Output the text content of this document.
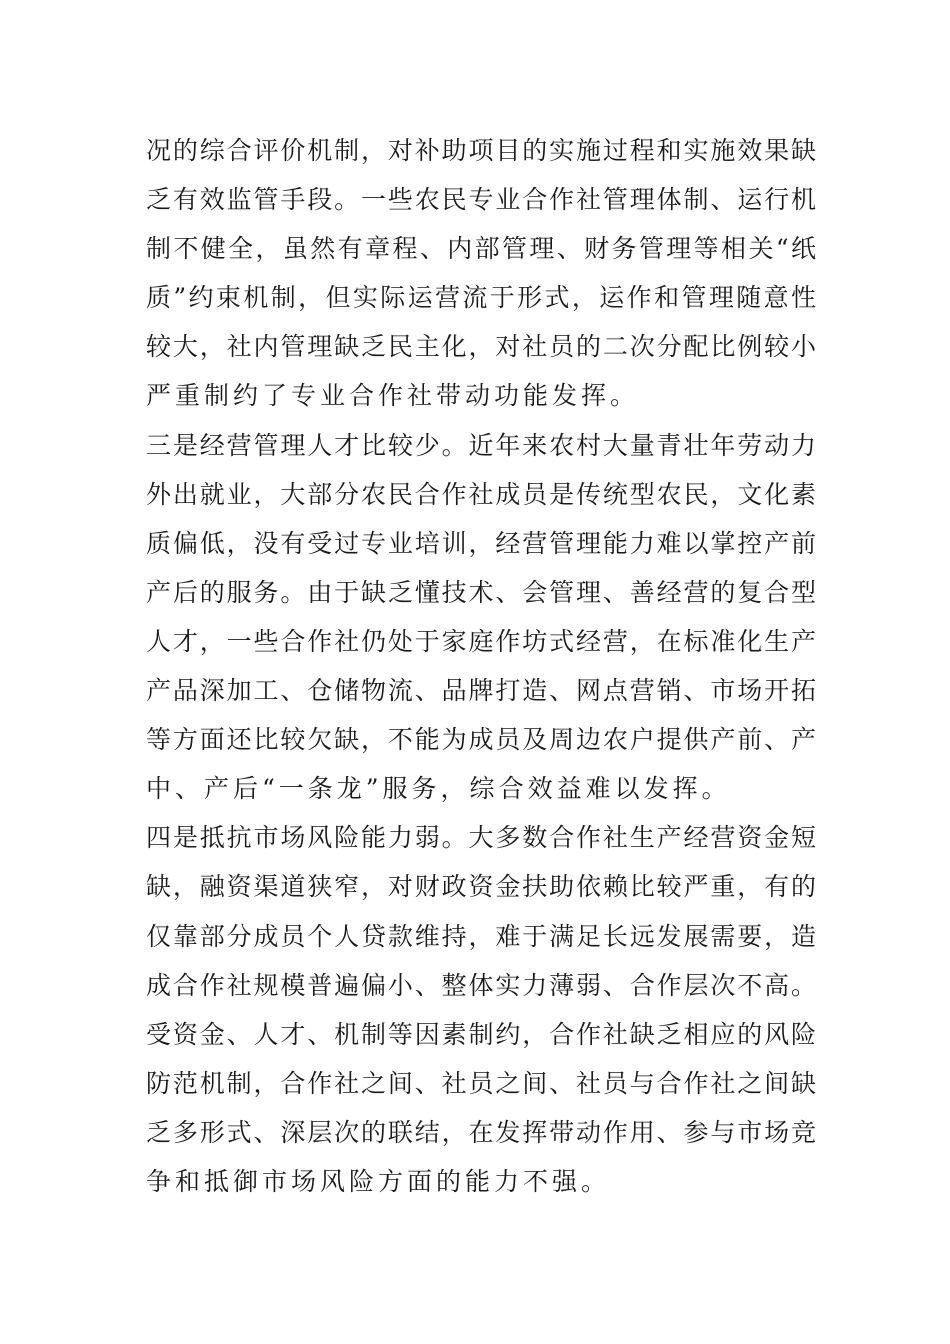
况的综合评价机制，对补助项目的实施过程和实施效果缺
乏有效监管手段。一些农民专业合作社管理体制、运行机
制不健全，虽然有章程、内部管理、财务管理等相关“纸
质”约束机制，但实际运营流于形式，运作和管理随意性
较大，社内管理缺乏民主化，对社员的二次分配比例较小
严重制约了专业合作社带动功能发挥。
三是经营管理人才比较少。近年来农村大量青壮年劳动力
外出就业，大部分农民合作社成员是传统型农民，文化素
质偏低，没有受过专业培训，经营管理能力难以掌控产前
产后的服务。由于缺乏懂技术、会管理、善经营的复合型
人才，一些合作社仍处于家庭作坊式经营，在标准化生产
产品深加工、仓储物流、品牌打造、网点营销、市场开拓
等方面还比较欠缺，不能为成员及周边农户提供产前、产
中、产后“一条龙”服务，综合效益难以发挥。
四是抵抗市场风险能力弱。大多数合作社生产经营资金短
缺，融资渠道狭窄，对财政资金扶助依赖比较严重，有的
仅靠部分成员个人贷款维持，难于满足长远发展需要，造
成合作社规模普遍偏小、整体实力薄弱、合作层次不高。
受资金、人才、机制等因素制约，合作社缺乏相应的风险
防范机制，合作社之间、社员之间、社员与合作社之间缺
乏多形式、深层次的联结，在发挥带动作用、参与市场竞
争和抵御市场风险方面的能力不强。
